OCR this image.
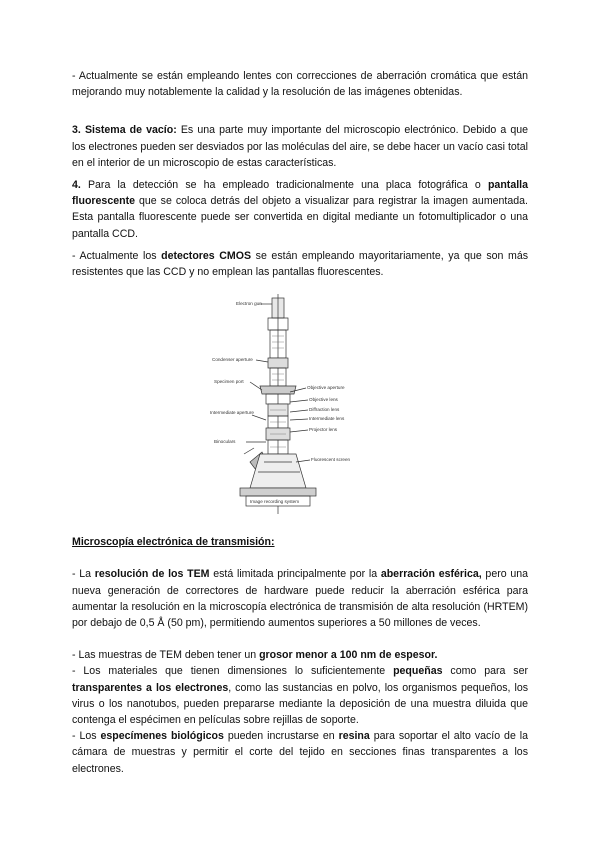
- Actualmente se están empleando lentes con correcciones de aberración cromática que están mejorando muy notablemente la calidad y la resolución de las imágenes obtenidas.

3. Sistema de vacío: Es una parte muy importante del microscopio electrónico. Debido a que los electrones pueden ser desviados por las moléculas del aire, se debe hacer un vacío casi total en el interior de un microscopio de estas características.

4. Para la detección se ha empleado tradicionalmente una placa fotográfica o pantalla fluorescente que se coloca detrás del objeto a visualizar para registrar la imagen aumentada. Esta pantalla fluorescente puede ser convertida en digital mediante un fotomultiplicador o una pantalla CCD.

- Actualmente los detectores CMOS se están empleando mayoritariamente, ya que son más resistentes que las CCD y no emplean las pantallas fluorescentes.

Electron gun
Condenser aperture
Specimen port
Objective aperture
Objective lens
Diffraction lens
Intermediate lens
Intermediate aperture
Projector lens
Binoculars
Fluorescent screen
Image recording system

Microscopía electrónica de transmisión:

- La resolución de los TEM está limitada principalmente por la aberración esférica, pero una nueva generación de correctores de hardware puede reducir la aberración esférica para aumentar la resolución en la microscopía electrónica de transmisión de alta resolución (HRTEM) por debajo de 0,5 Å (50 pm), permitiendo aumentos superiores a 50 millones de veces.

- Las muestras de TEM deben tener un grosor menor a 100 nm de espesor.

- Los materiales que tienen dimensiones lo suficientemente pequeñas como para ser transparentes a los electrones, como las sustancias en polvo, los organismos pequeños, los virus o los nanotubos, pueden prepararse mediante la deposición de una muestra diluida que contenga el espécimen en películas sobre rejillas de soporte.

- Los especímenes biológicos pueden incrustarse en resina para soportar el alto vacío de la cámara de muestras y permitir el corte del tejido en secciones finas transparentes a los electrones.
